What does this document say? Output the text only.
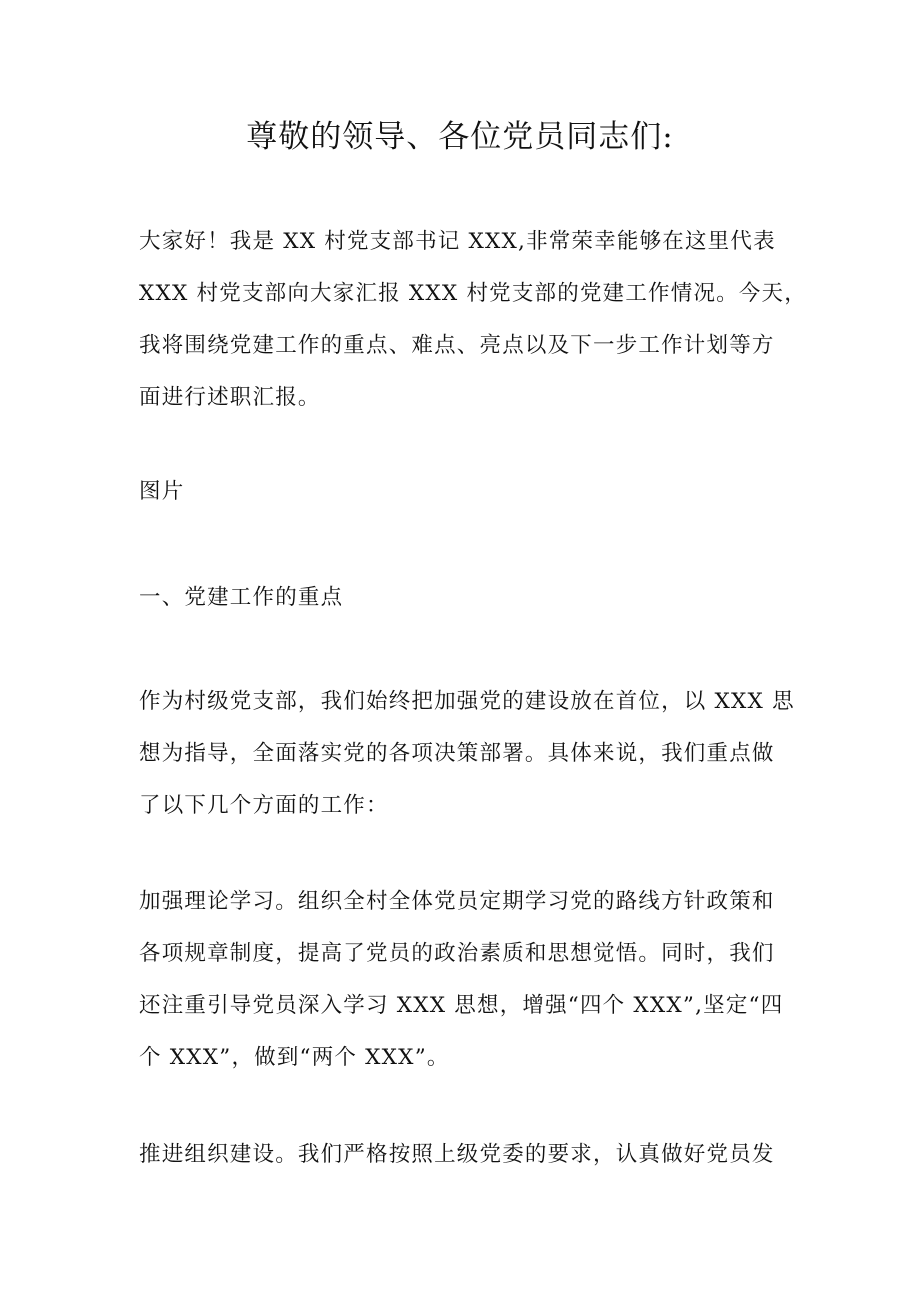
尊敬的领导、各位党员同志们:
大家好！我是 XX 村党支部书记 XXX,非常荣幸能够在这里代表
XXX 村党支部向大家汇报 XXX 村党支部的党建工作情况。今天，
我将围绕党建工作的重点、难点、亮点以及下一步工作计划等方
面进行述职汇报。
图片
一、党建工作的重点
作为村级党支部，我们始终把加强党的建设放在首位，以 XXX 思
想为指导，全面落实党的各项决策部署。具体来说，我们重点做
了以下几个方面的工作：
加强理论学习。组织全村全体党员定期学习党的路线方针政策和
各项规章制度，提高了党员的政治素质和思想觉悟。同时，我们
还注重引导党员深入学习 XXX 思想，增强“四个 XXX”,坚定“四
个 XXX”，做到“两个 XXX”。
推进组织建设。我们严格按照上级党委的要求，认真做好党员发
